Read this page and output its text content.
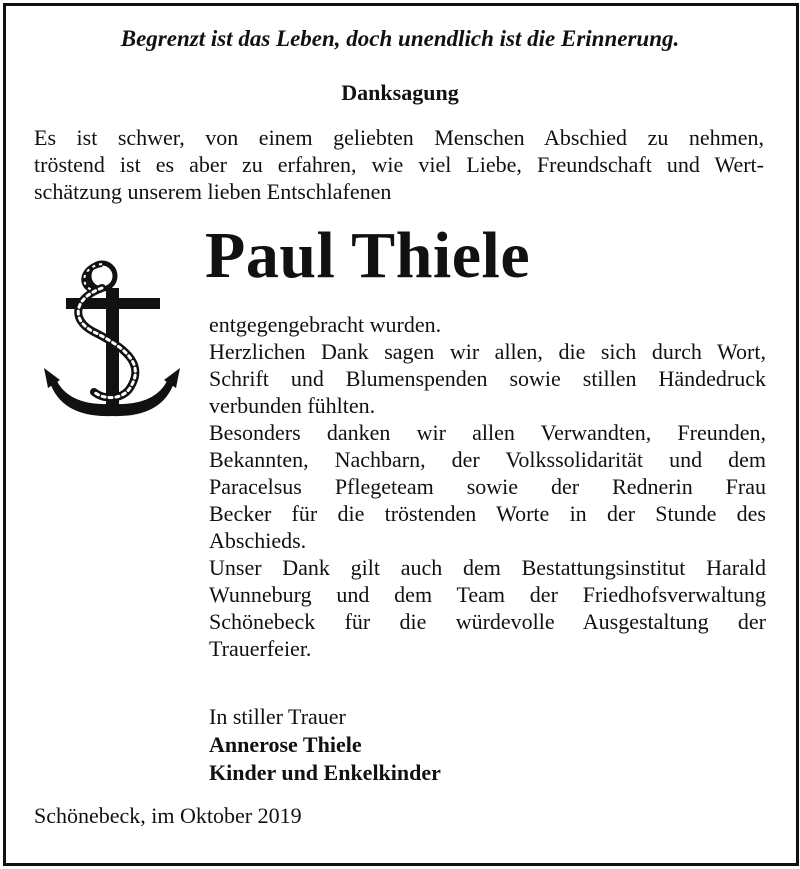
Begrenzt ist das Leben, doch unendlich ist die Erinnerung.
Danksagung
Es ist schwer, von einem geliebten Menschen Abschied zu nehmen,
tröstend ist es aber zu erfahren, wie viel Liebe, Freundschaft und Wert-
schätzung unserem lieben Entschlafenen
Paul Thiele
entgegengebracht wurden.
Herzlichen Dank sagen wir allen, die sich durch Wort,
Schrift und Blumenspenden sowie stillen Händedruck
verbunden fühlten.
Besonders danken wir allen Verwandten, Freunden,
Bekannten, Nachbarn, der Volkssolidarität und dem
Paracelsus Pflegeteam sowie der Rednerin Frau
Becker für die tröstenden Worte in der Stunde des
Abschieds.
Unser Dank gilt auch dem Bestattungsinstitut Harald
Wunneburg und dem Team der Friedhofsverwaltung
Schönebeck für die würdevolle Ausgestaltung der
Trauerfeier.
In stiller Trauer
Annerose Thiele
Kinder und Enkelkinder
Schönebeck, im Oktober 2019
